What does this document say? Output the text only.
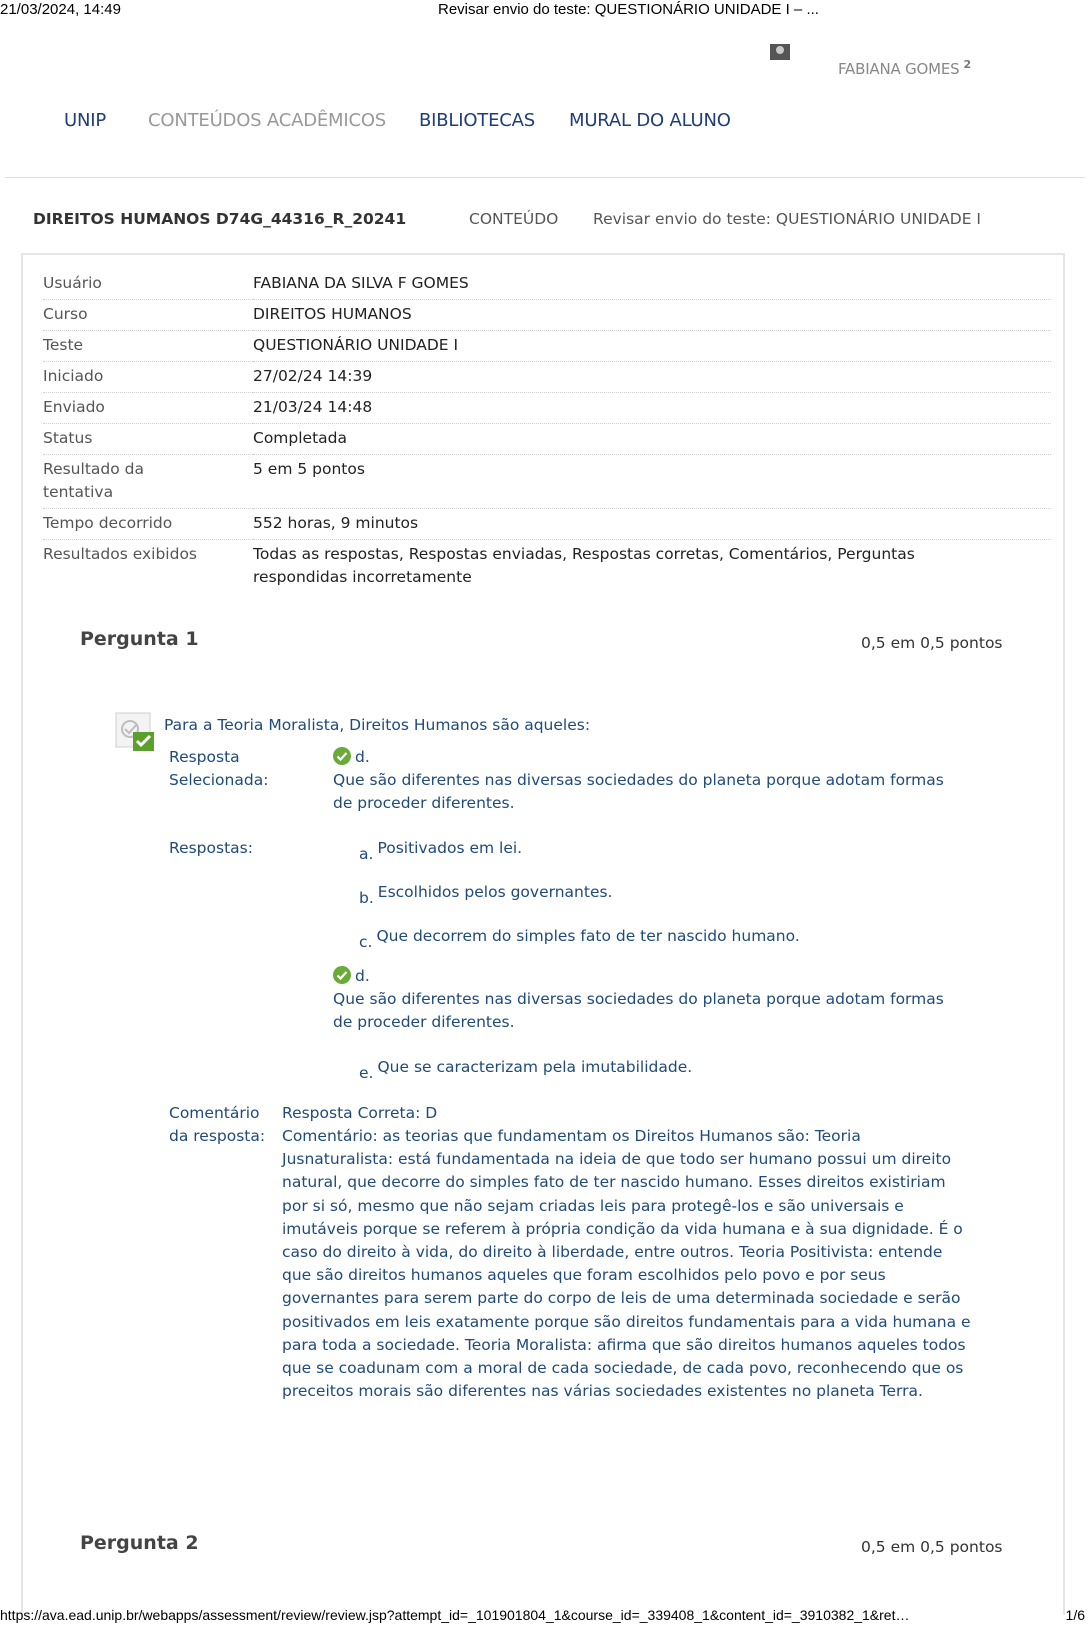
21/03/2024, 14:49	Revisar envio do teste: QUESTIONÁRIO UNIDADE I – ...
FABIANA GOMES $^2$
UNIP CONTEÚDOS ACADÊMICOS BIBLIOTECAS MURAL DO ALUNO
DIREITOS HUMANOS D74G_44316_R_20241	CONTEÚDO Revisar envio do teste: QUESTIONÁRIO UNIDADE I
Usuário	FABIANA DA SILVA F GOMES
Curso	DIREITOS HUMANOS
Teste	QUESTIONÁRIO UNIDADE I
Iniciado	27/02/24 14:39
Enviado	21/03/24 14:48
Status	Completada
Resultado da tentativa	5 em 5 pontos
Tempo decorrido	552 horas, 9 minutos
Resultados exibidos	Todas as respostas, Respostas enviadas, Respostas corretas, Comentários, Perguntas respondidas incorretamente
Pergunta 1	0,5 em 0,5 pontos
Para a Teoria Moralista, Direitos Humanos são aqueles:
Resposta Selecionada:
d.
Que são diferentes nas diversas sociedades do planeta porque adotam formas de proceder diferentes.
Respostas:	a. Positivados em lei.
b. Escolhidos pelos governantes.
c. Que decorrem do simples fato de ter nascido humano.
d.
Que são diferentes nas diversas sociedades do planeta porque adotam formas de proceder diferentes.
e. Que se caracterizam pela imutabilidade.
Comentário da resposta:
Resposta Correta: D
Comentário: as teorias que fundamentam os Direitos Humanos são: Teoria Jusnaturalista: está fundamentada na ideia de que todo ser humano possui um direito natural, que decorre do simples fato de ter nascido humano. Esses direitos existiriam por si só, mesmo que não sejam criadas leis para protegê-los e são universais e imutáveis porque se referem à própria condição da vida humana e à sua dignidade. É o caso do direito à vida, do direito à liberdade, entre outros. Teoria Positivista: entende que são direitos humanos aqueles que foram escolhidos pelo povo e por seus governantes para serem parte do corpo de leis de uma determinada sociedade e serão positivados em leis exatamente porque são direitos fundamentais para a vida humana e para toda a sociedade. Teoria Moralista: afirma que são direitos humanos aqueles todos que se coadunam com a moral de cada sociedade, de cada povo, reconhecendo que os preceitos morais são diferentes nas várias sociedades existentes no planeta Terra.
Pergunta 2	0,5 em 0,5 pontos
https://ava.ead.unip.br/webapps/assessment/review/review.jsp?attempt_id=_101901804_1&course_id=_339408_1&content_id=_3910382_1&ret…	1/6
